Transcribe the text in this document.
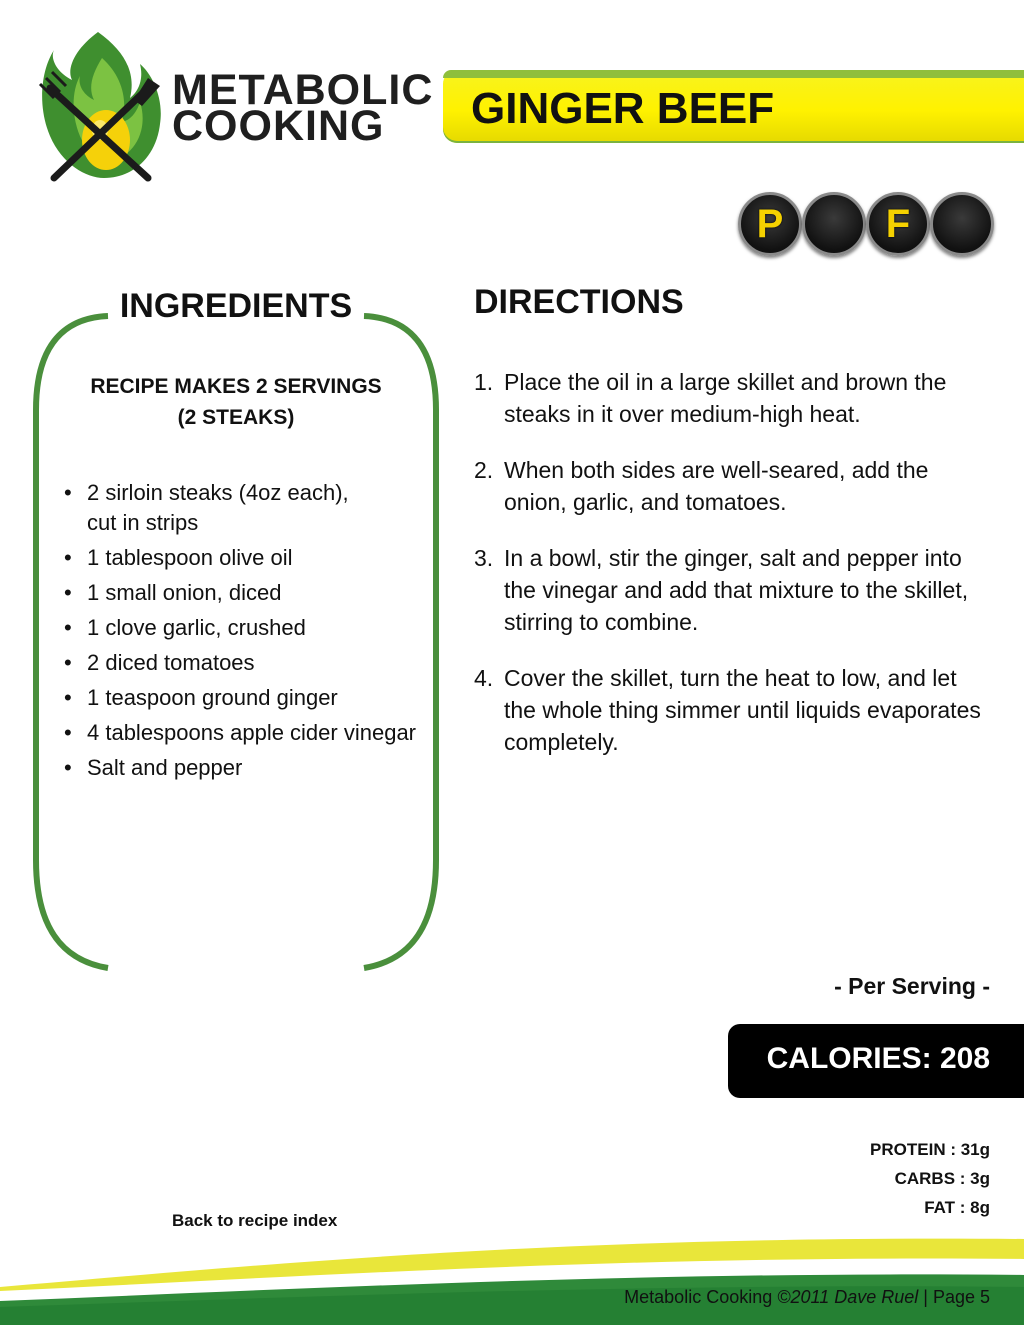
METABOLIC
COOKING	GINGER BEEF
P	F
INGREDIENTS
RECIPE MAKES 2 SERVINGS
(2 STEAKS)
• 2 sirloin steaks (4oz each),
cut in strips
• 1 tablespoon olive oil
• 1 small onion, diced
• 1 clove garlic, crushed
• 2 diced tomatoes
• 1 teaspoon ground ginger
• 4 tablespoons apple cider vinegar
• Salt and pepper
DIRECTIONS
1. Place the oil in a large skillet and brown the steaks in it over medium-high heat.
2. When both sides are well-seared, add the onion, garlic, and tomatoes.
3. In a bowl, stir the ginger, salt and pepper into the vinegar and add that mixture to the skillet, stirring to combine.
4. Cover the skillet, turn the heat to low, and let the whole thing simmer until liquids evaporates completely.
- Per Serving -
CALORIES: 208
PROTEIN : 31g
CARBS : 3g
FAT : 8g
Back to recipe index
Metabolic Cooking ©2011 Dave Ruel | Page 5
